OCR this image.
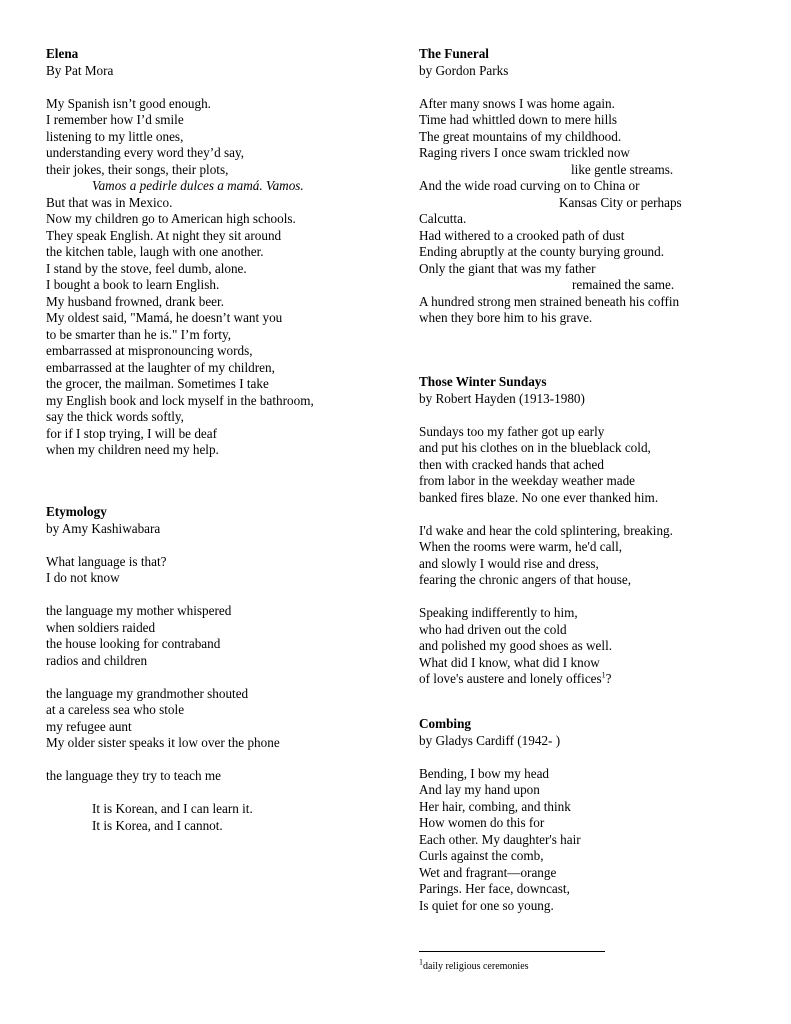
Elena
By Pat Mora
My Spanish isn’t good enough.
I remember how I’d smile
listening to my little ones,
understanding every word they’d say,
their jokes, their songs, their plots,
Vamos a pedirle dulces a mamá. Vamos.
But that was in Mexico.
Now my children go to American high schools.
They speak English. At night they sit around
the kitchen table, laugh with one another.
I stand by the stove, feel dumb, alone.
I bought a book to learn English.
My husband frowned, drank beer.
My oldest said, "Mamá, he doesn’t want you
to be smarter than he is." I’m forty,
embarrassed at mispronouncing words,
embarrassed at the laughter of my children,
the grocer, the mailman. Sometimes I take
my English book and lock myself in the bathroom,
say the thick words softly,
for if I stop trying, I will be deaf
when my children need my help.
Etymology
by Amy Kashiwabara
What language is that?
I do not know
the language my mother whispered
when soldiers raided
the house looking for contraband
radios and children
the language my grandmother shouted
at a careless sea who stole
my refugee aunt
My older sister speaks it low over the phone
the language they try to teach me
It is Korean, and I can learn it.
It is Korea, and I cannot.
The Funeral
by Gordon Parks
After many snows I was home again.
Time had whittled down to mere hills
The great mountains of my childhood.
Raging rivers I once swam trickled now
like gentle streams.
And the wide road curving on to China or
Kansas City or perhaps
Calcutta.
Had withered to a crooked path of dust
Ending abruptly at the county burying ground.
Only the giant that was my father
remained the same.
A hundred strong men strained beneath his coffin
when they bore him to his grave.
Those Winter Sundays
by Robert Hayden (1913-1980)
Sundays too my father got up early
and put his clothes on in the blueblack cold,
then with cracked hands that ached
from labor in the weekday weather made
banked fires blaze. No one ever thanked him.
I'd wake and hear the cold splintering, breaking.
When the rooms were warm, he'd call,
and slowly I would rise and dress,
fearing the chronic angers of that house,
Speaking indifferently to him,
who had driven out the cold
and polished my good shoes as well.
What did I know, what did I know
of love's austere and lonely offices$^1$?
Combing
by Gladys Cardiff (1942- )
Bending, I bow my head
And lay my hand upon
Her hair, combing, and think
How women do this for
Each other. My daughter's hair
Curls against the comb,
Wet and fragrant—orange
Parings. Her face, downcast,
Is quiet for one so young.
$^1$daily religious ceremonies
